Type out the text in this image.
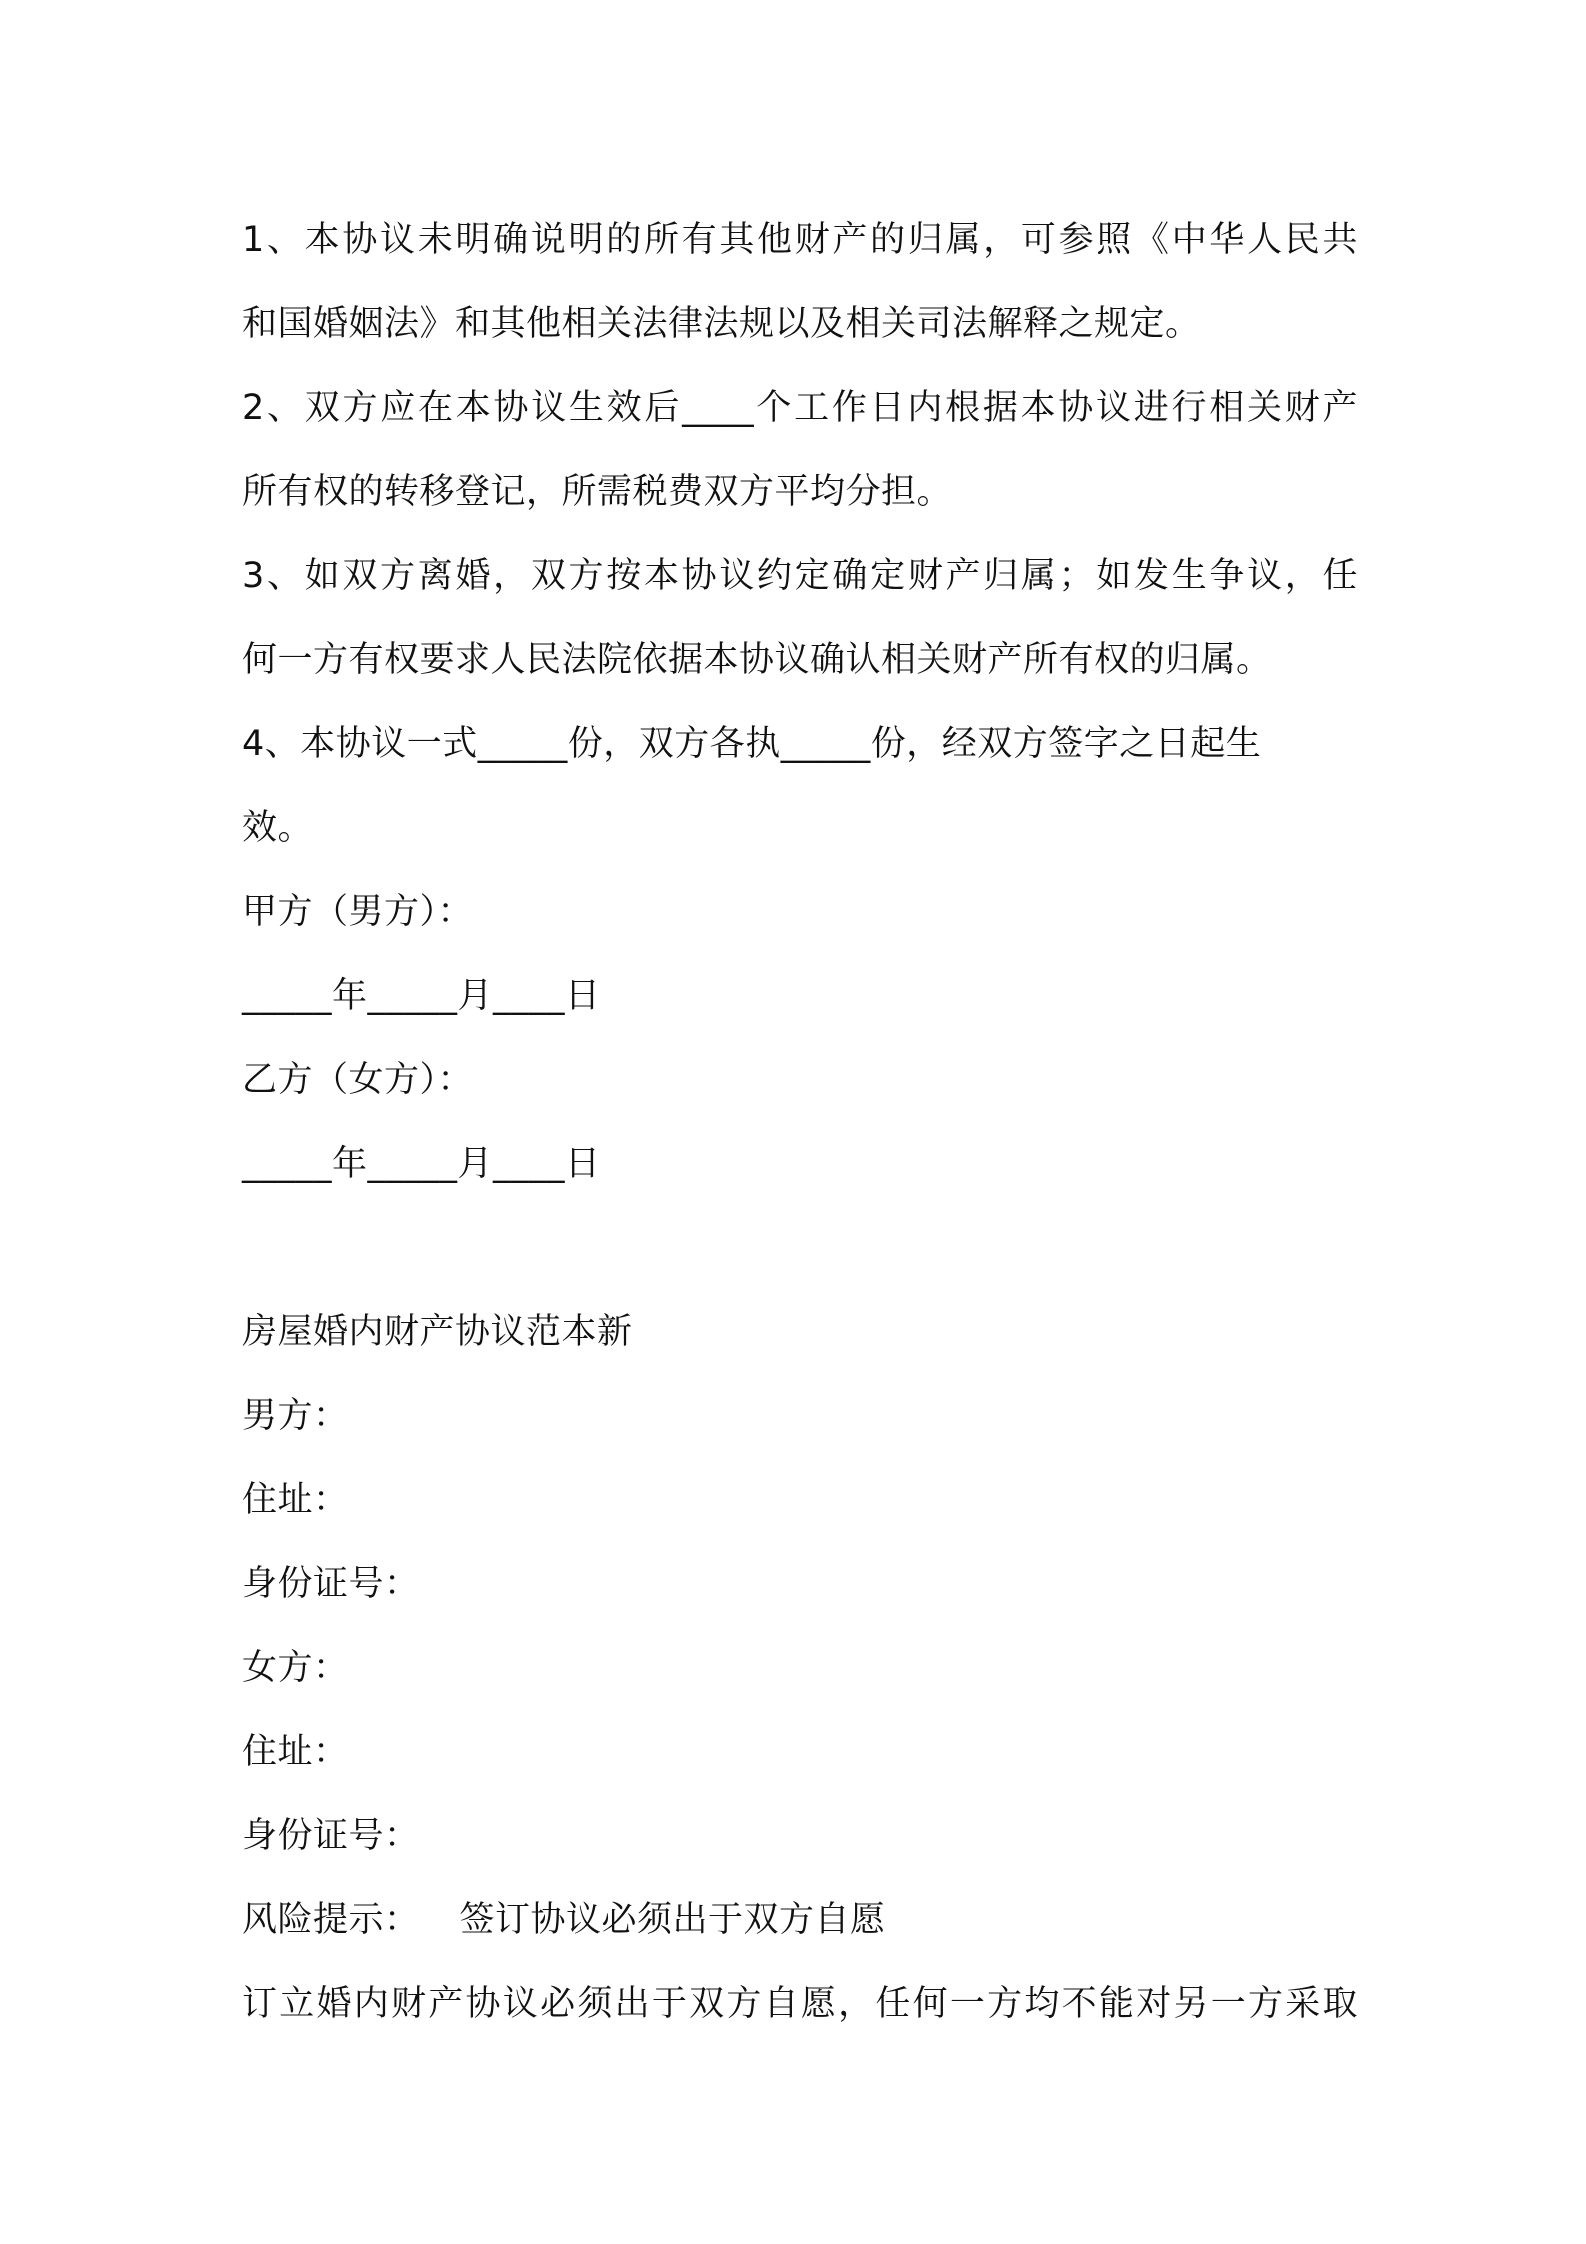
1、本协议未明确说明的所有其他财产的归属，可参照《中华人民共

和国婚姻法》和其他相关法律法规以及相关司法解释之规定。

2、双方应在本协议生效后____个工作日内根据本协议进行相关财产

所有权的转移登记，所需税费双方平均分担。

3、如双方离婚，双方按本协议约定确定财产归属；如发生争议，任

何一方有权要求人民法院依据本协议确认相关财产所有权的归属。

4、本协议一式_____份，双方各执_____份，经双方签字之日起生

效。

甲方（男方）：

_____年_____月____日

乙方（女方）：

_____年_____月____日

房屋婚内财产协议范本新

男方：

住址：

身份证号：

女方：

住址：

身份证号：

风险提示： 签订协议必须出于双方自愿

订立婚内财产协议必须出于双方自愿，任何一方均不能对另一方采取
